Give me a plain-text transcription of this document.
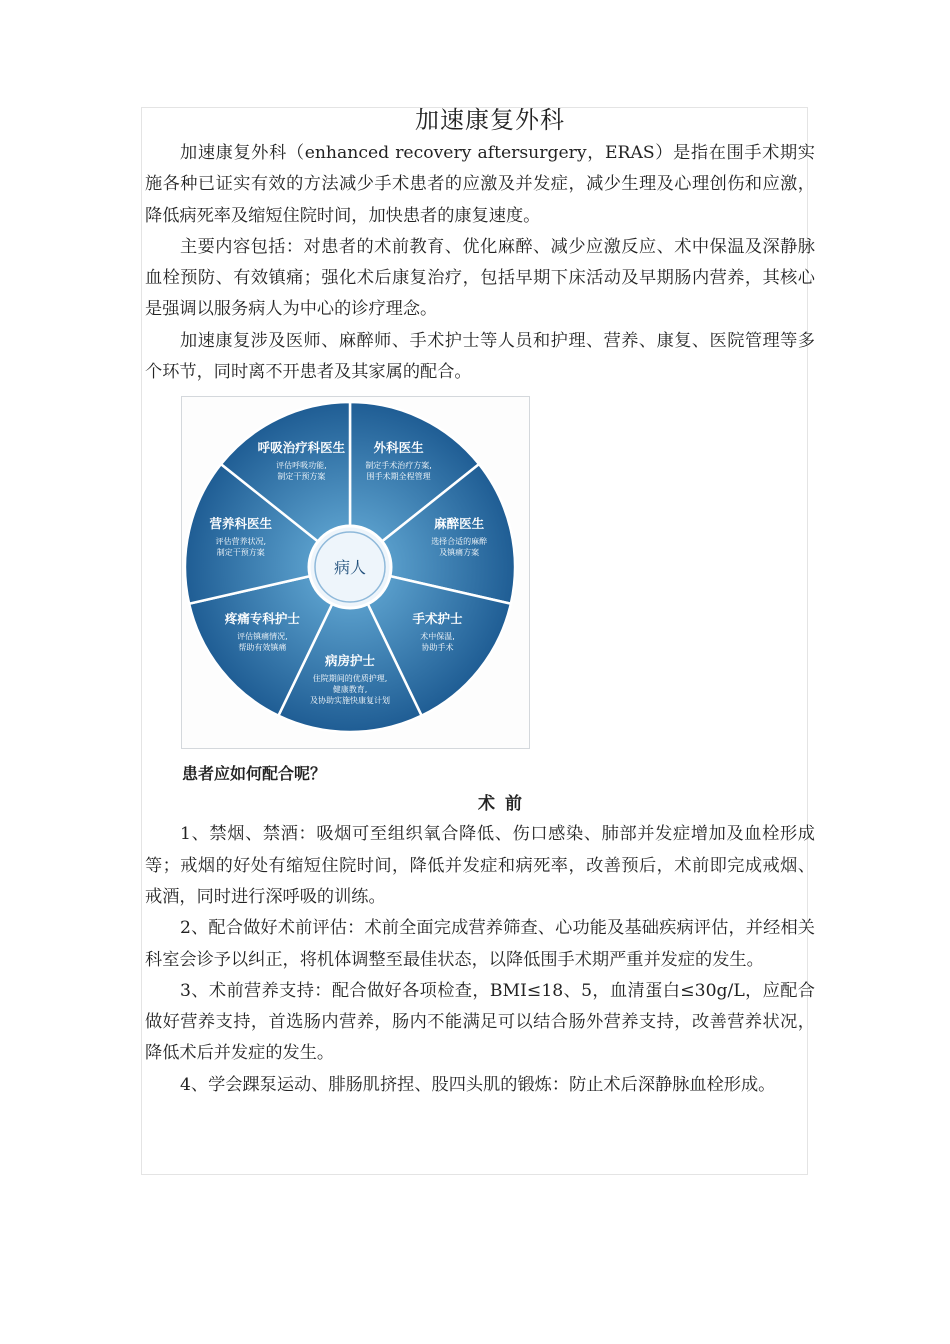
加速康复外科

加速康复外科（enhanced recovery aftersurgery，ERAS）是指在围手术期实施各种已证实有效的方法减少手术患者的应激及并发症，减少生理及心理创伤和应激，降低病死率及缩短住院时间，加快患者的康复速度。

主要内容包括：对患者的术前教育、优化麻醉、减少应激反应、术中保温及深静脉血栓预防、有效镇痛；强化术后康复治疗，包括早期下床活动及早期肠内营养，其核心是强调以服务病人为中心的诊疗理念。

加速康复涉及医师、麻醉师、手术护士等人员和护理、营养、康复、医院管理等多个环节，同时离不开患者及其家属的配合。

外科医生
制定手术治疗方案,
围手术期全程管理
麻醉医生
选择合适的麻醉
及镇痛方案
手术护士
术中保温,
协助手术
病房护士
住院期间的优质护理,
健康教育,
及协助实施快康复计划
疼痛专科护士
评估镇痛情况,
帮助有效镇痛
营养科医生
评估营养状况,
制定干预方案
呼吸治疗科医生
评估呼吸功能,
制定干预方案
病人
患者应如何配合呢？
术前

1、禁烟、禁酒：吸烟可至组织氧合降低、伤口感染、肺部并发症增加及血栓形成等；戒烟的好处有缩短住院时间，降低并发症和病死率，改善预后，术前即完成戒烟、戒酒，同时进行深呼吸的训练。

2、配合做好术前评估：术前全面完成营养筛查、心功能及基础疾病评估，并经相关科室会诊予以纠正，将机体调整至最佳状态，以降低围手术期严重并发症的发生。

3、术前营养支持：配合做好各项检查，BMI≤18、5，血清蛋白≤30g/L，应配合做好营养支持，首选肠内营养，肠内不能满足可以结合肠外营养支持，改善营养状况，降低术后并发症的发生。

4、学会踝泵运动、腓肠肌挤捏、股四头肌的锻炼：防止术后深静脉血栓形成。
